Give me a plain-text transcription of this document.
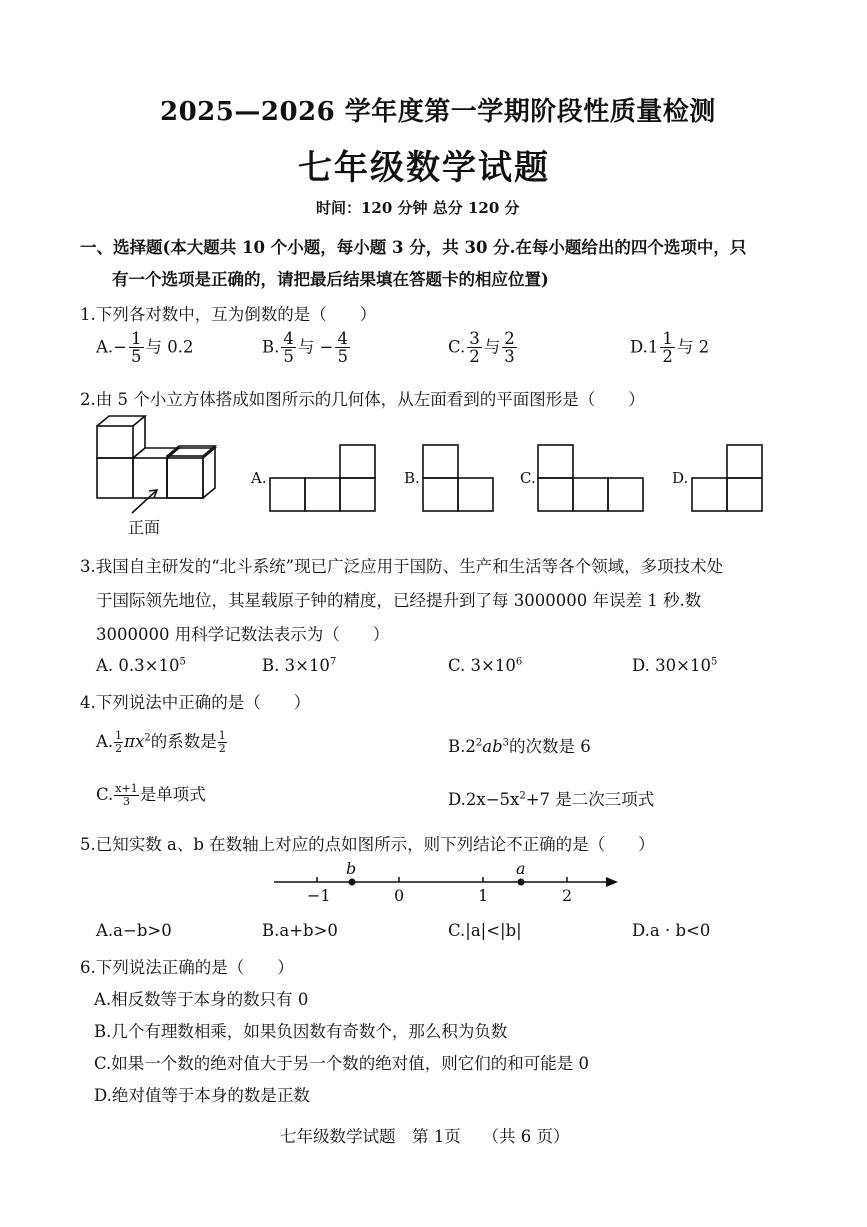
2025—2026 学年度第一学期阶段性质量检测
七年级数学试题
时间：120 分钟 总分 120 分
一、选择题(本大题共 10 个小题，每小题 3 分，共 30 分.在每小题给出的四个选项中，只
有一个选项是正确的，请把最后结果填在答题卡的相应位置)
1.下列各对数中，互为倒数的是（　　）
$A.- \frac{1}{5}$ 与 0.2	B. $\frac{4}{5}$ 与 − $\frac{4}{5}$	C. $\frac{3}{2}$ 与 $\frac{2}{3}$	$D.1 \frac{1}{2}$ 与 2
2.由 5 个小立方体搭成如图所示的几何体，从左面看到的平面图形是（　　）
正面
A.	B.	C.	D.
3.我国自主研发的“北斗系统”现已广泛应用于国防、生产和生活等各个领域，多项技术处
于国际领先地位，其星载原子钟的精度，已经提升到了每 3000000 年误差 1 秒.数
3000000 用科学记数法表示为（　　）
A. $0.3\times 10^5$	B. $3\times 10^7$	C. $3\times 10^6$	D. $30\times 10^5$
4.下列说法中正确的是（　　）
A. $\frac{1}{2} \pi x^2$的系数是 $\frac{1}{2}$	$B.2^2ab^3$的次数是 6
C. $\frac{x+1}{3}$ 是单项式	$D.2x-5x^2+7$ 是二次三项式
5.已知实数 a、b 在数轴上对应的点如图所示，则下列结论不正确的是（　　）
−1	0	1	2
b	a
A.a−b>0	B.a+b>0	C.|a|<|b|	D.a · b<0
6.下列说法正确的是（　　）
A.相反数等于本身的数只有 0
B.几个有理数相乘，如果负因数有奇数个，那么积为负数
C.如果一个数的绝对值大于另一个数的绝对值，则它们的和可能是 0
D.绝对值等于本身的数是正数
七年级数学试题　第 1页　 （共 6 页）
